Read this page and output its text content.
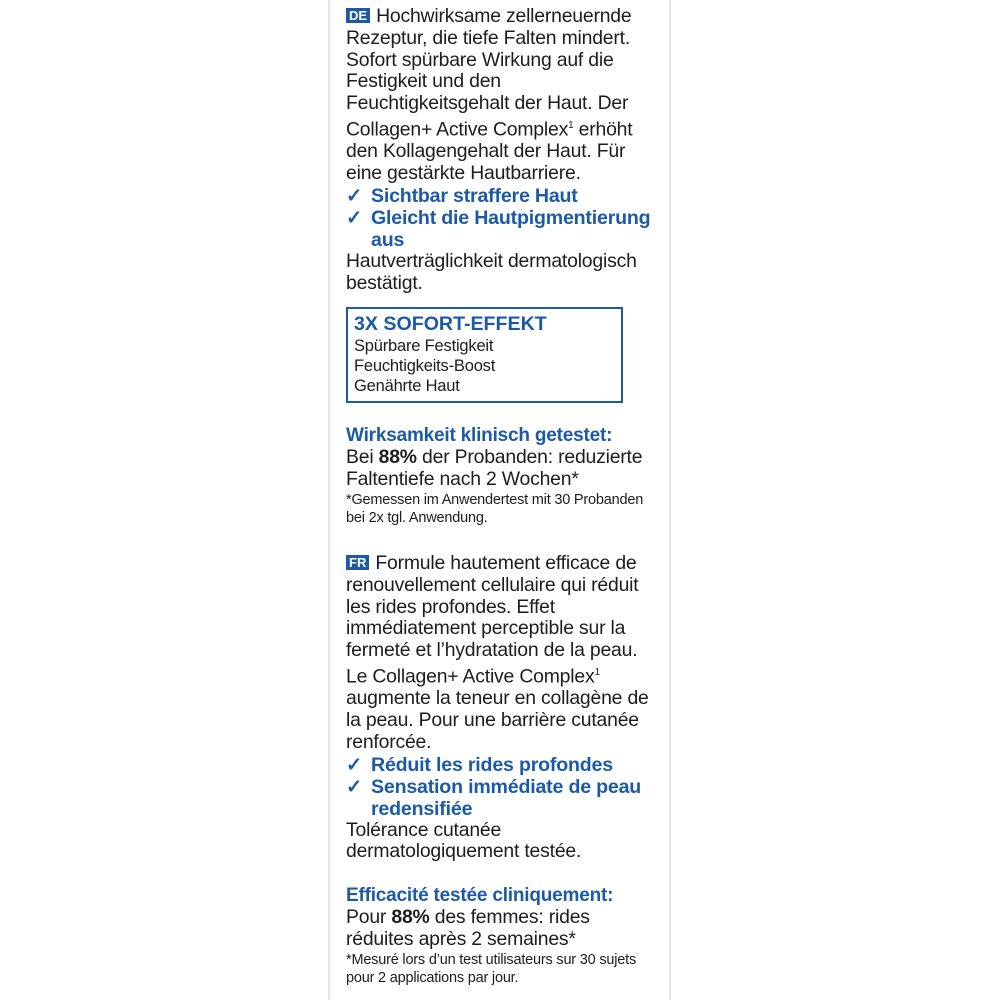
DE Hochwirksame zellerneuernde Rezeptur, die tiefe Falten mindert. Sofort spürbare Wirkung auf die Festigkeit und den Feuchtigkeitsgehalt der Haut. Der Collagen+ Active Complex$^1$ erhöht den Kollagengehalt der Haut. Für eine gestärkte Hautbarriere.
✓ Sichtbar straffere Haut
✓ Gleicht die Hautpigmentierung aus
Hautverträglichkeit dermatologisch bestätigt.
3X SOFORT-EFFEKT
Spürbare Festigkeit
Feuchtigkeits-Boost
Genährte Haut
Wirksamkeit klinisch getestet:
Bei 88% der Probanden: reduzierte Faltentiefe nach 2 Wochen*
*Gemessen im Anwendertest mit 30 Probanden bei 2x tgl. Anwendung.
FR Formule hautement efficace de renouvellement cellulaire qui réduit les rides profondes. Effet immédiatement perceptible sur la fermeté et l’hydratation de la peau. Le Collagen+ Active Complex$^1$ augmente la teneur en collagène de la peau. Pour une barrière cutanée renforcée.
✓ Réduit les rides profondes
✓ Sensation immédiate de peau redensifiée
Tolérance cutanée dermatologiquement testée.
Efficacité testée cliniquement:
Pour 88% des femmes: rides réduites après 2 semaines*
*Mesuré lors d’un test utilisateurs sur 30 sujets pour 2 applications par jour.
